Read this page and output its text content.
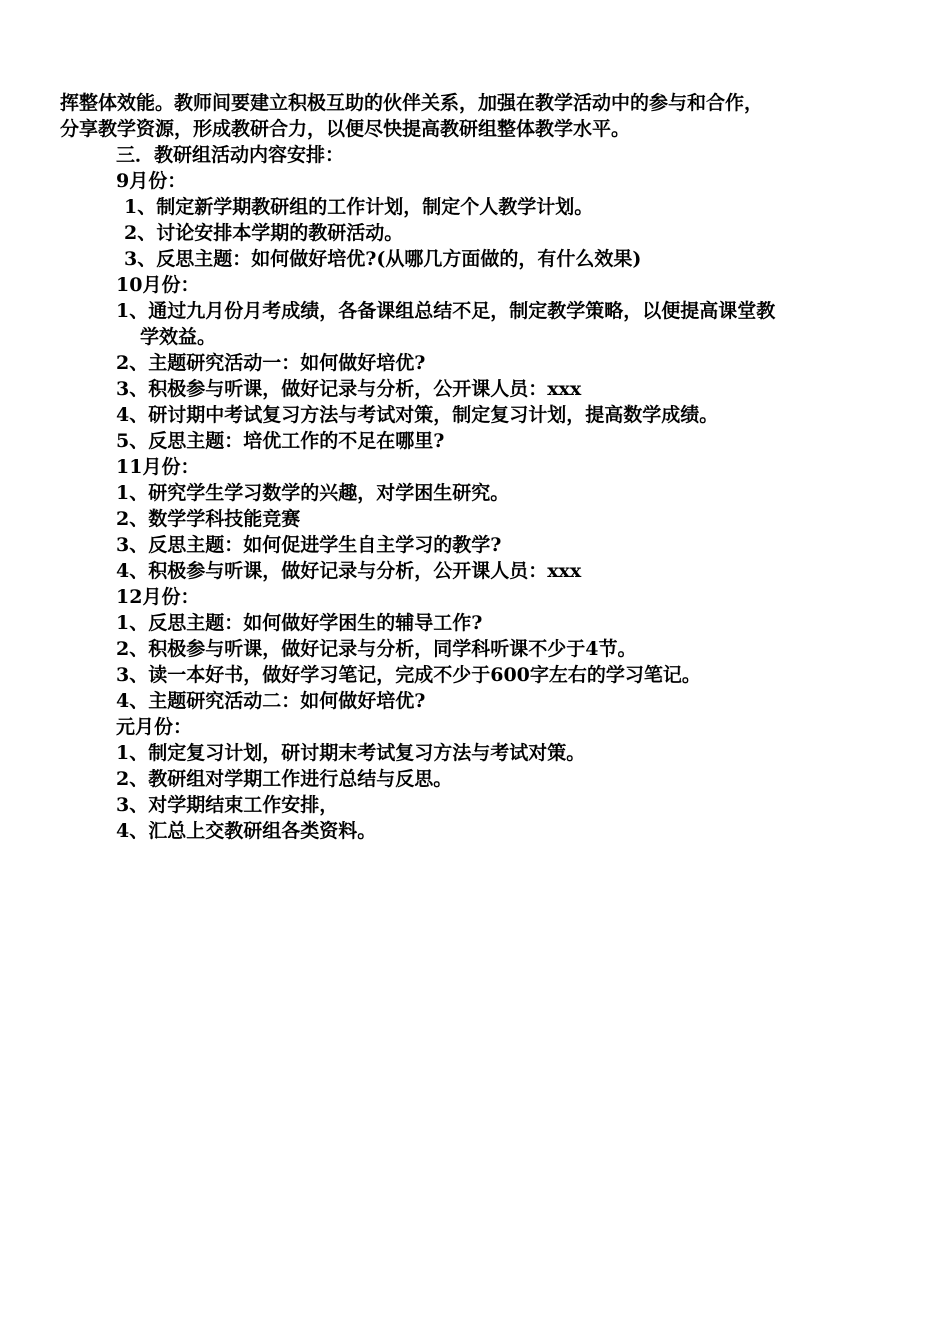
挥整体效能。教师间要建立积极互助的伙伴关系，加强在教学活动中的参与和合作，
分享教学资源，形成教研合力，以便尽快提高教研组整体教学水平。
三．教研组活动内容安排：
9月份：
1、制定新学期教研组的工作计划，制定个人教学计划。
2、讨论安排本学期的教研活动。
3、反思主题：如何做好培优?(从哪几方面做的，有什么效果)
10月份：
1、通过九月份月考成绩，各备课组总结不足，制定教学策略，以便提高课堂教
学效益。
2、主题研究活动一：如何做好培优?
3、积极参与听课，做好记录与分析，公开课人员：xxx
4、研讨期中考试复习方法与考试对策，制定复习计划，提高数学成绩。
5、反思主题：培优工作的不足在哪里?
11月份：
1、研究学生学习数学的兴趣，对学困生研究。
2、数学学科技能竞赛
3、反思主题：如何促进学生自主学习的教学?
4、积极参与听课，做好记录与分析，公开课人员：xxx
12月份：
1、反思主题：如何做好学困生的辅导工作?
2、积极参与听课，做好记录与分析，同学科听课不少于4节。
3、读一本好书，做好学习笔记，完成不少于600字左右的学习笔记。
4、主题研究活动二：如何做好培优?
元月份：
1、制定复习计划，研讨期末考试复习方法与考试对策。
2、教研组对学期工作进行总结与反思。
3、对学期结束工作安排，
4、汇总上交教研组各类资料。
